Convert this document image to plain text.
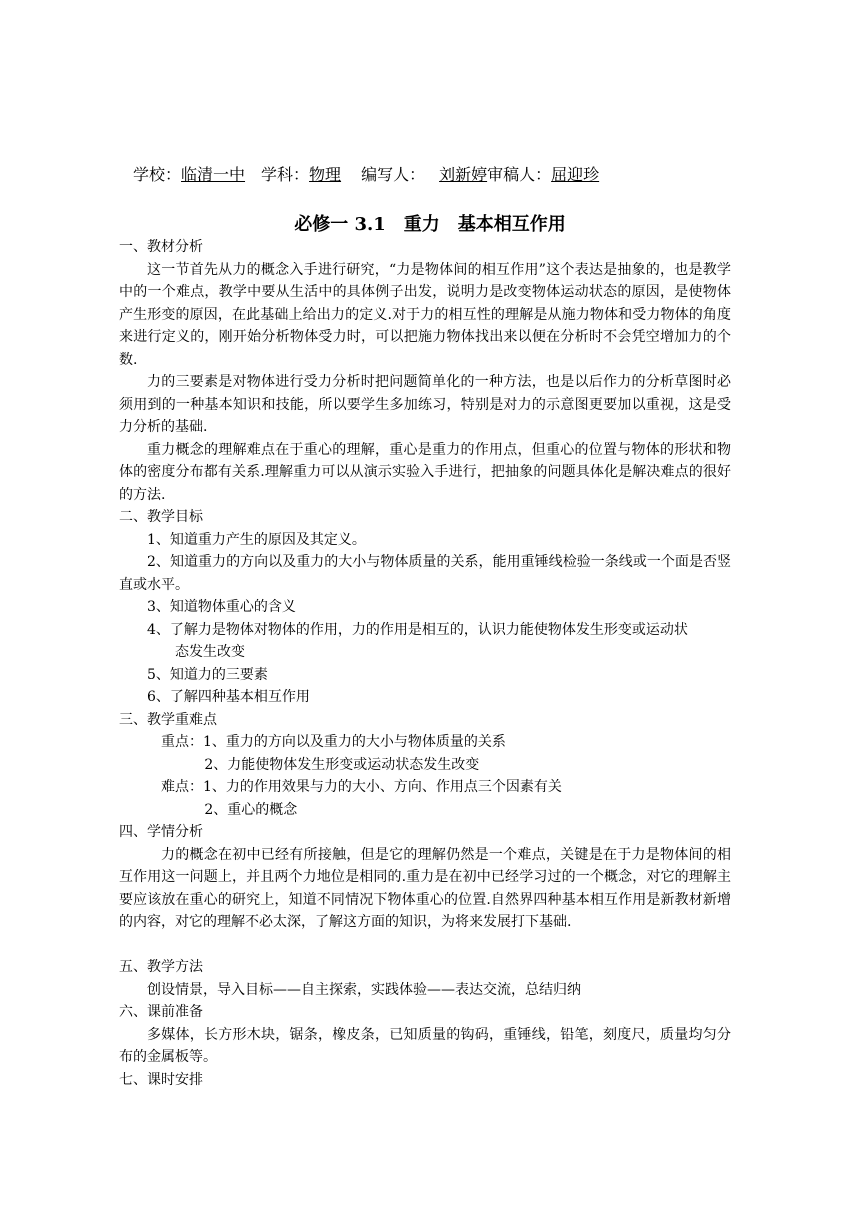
学校：临清一中 学科：物理 编写人： 刘新婷审稿人：屈迎珍
必修一 3.1　重力　基本相互作用

一、教材分析

这一节首先从力的概念入手进行研究，“力是物体间的相互作用”这个表达是抽象的，也是教学中的一个难点，教学中要从生活中的具体例子出发，说明力是改变物体运动状态的原因，是使物体产生形变的原因，在此基础上给出力的定义.对于力的相互性的理解是从施力物体和受力物体的角度来进行定义的，刚开始分析物体受力时，可以把施力物体找出来以便在分析时不会凭空增加力的个数.

力的三要素是对物体进行受力分析时把问题简单化的一种方法，也是以后作力的分析草图时必须用到的一种基本知识和技能，所以要学生多加练习，特别是对力的示意图更要加以重视，这是受力分析的基础.

重力概念的理解难点在于重心的理解，重心是重力的作用点，但重心的位置与物体的形状和物体的密度分布都有关系.理解重力可以从演示实验入手进行，把抽象的问题具体化是解决难点的很好的方法.

二、教学目标

1、知道重力产生的原因及其定义。

2、知道重力的方向以及重力的大小与物体质量的关系，能用重锤线检验一条线或一个面是否竖直或水平。

3、知道物体重心的含义

4、了解力是物体对物体的作用，力的作用是相互的，认识力能使物体发生形变或运动状

态发生改变

5、知道力的三要素

6、了解四种基本相互作用

三、教学重难点

重点：1、重力的方向以及重力的大小与物体质量的关系

2、力能使物体发生形变或运动状态发生改变

难点：1、力的作用效果与力的大小、方向、作用点三个因素有关

2、重心的概念

四、学情分析

力的概念在初中已经有所接触，但是它的理解仍然是一个难点，关键是在于力是物体间的相互作用这一问题上，并且两个力地位是相同的.重力是在初中已经学习过的一个概念，对它的理解主要应该放在重心的研究上，知道不同情况下物体重心的位置.自然界四种基本相互作用是新教材新增的内容，对它的理解不必太深，了解这方面的知识，为将来发展打下基础.

五、教学方法

创设情景，导入目标——自主探索，实践体验——表达交流，总结归纳

六、课前准备

多媒体，长方形木块，锯条，橡皮条，已知质量的钩码，重锤线，铅笔，刻度尺，质量均匀分布的金属板等。

七、课时安排
